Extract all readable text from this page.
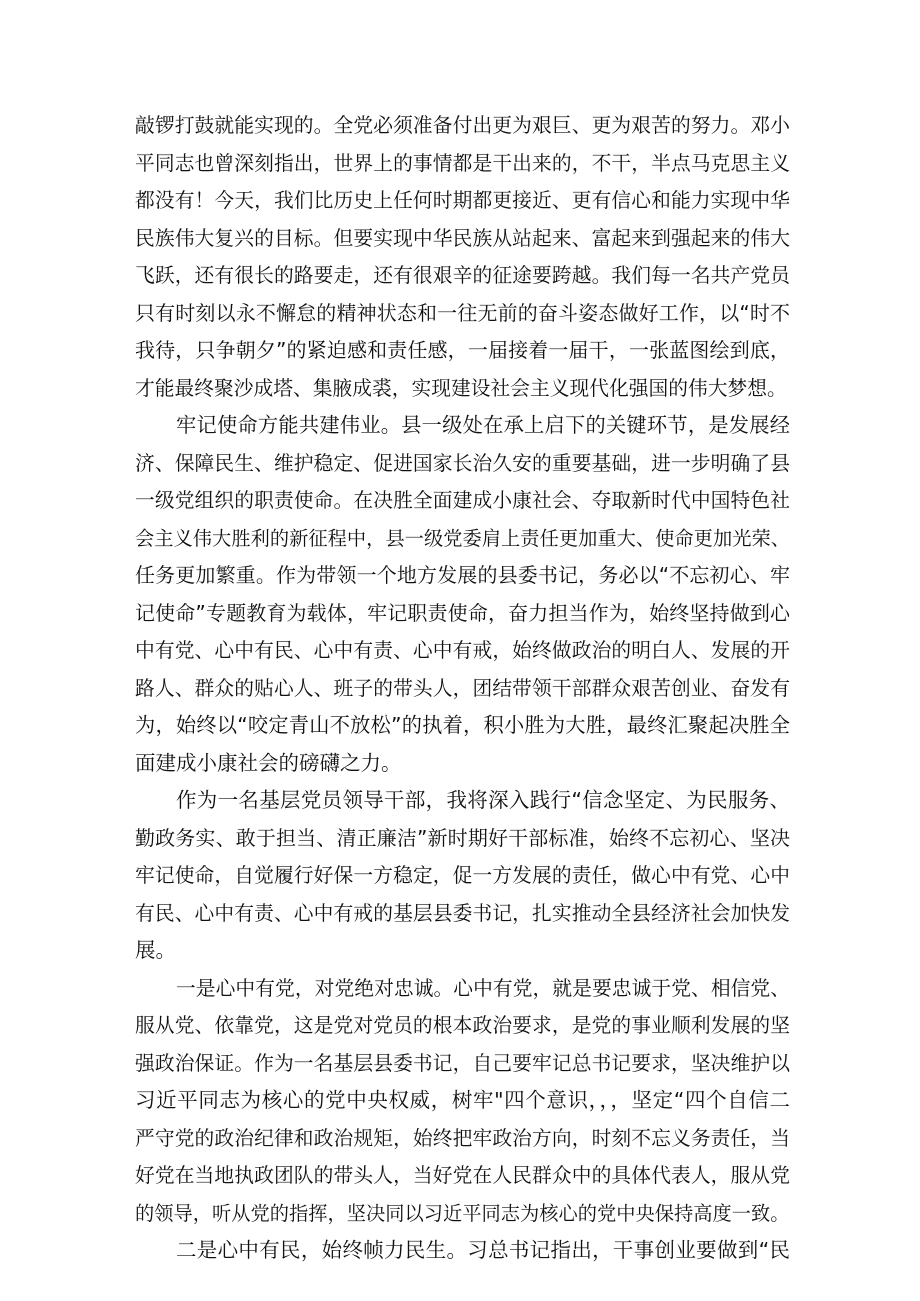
敲锣打鼓就能实现的。全党必须准备付出更为艰巨、更为艰苦的努力。邓小
平同志也曾深刻指出，世界上的事情都是干出来的，不干，半点马克思主义
都没有！今天，我们比历史上任何时期都更接近、更有信心和能力实现中华
民族伟大复兴的目标。但要实现中华民族从站起来、富起来到强起来的伟大
飞跃，还有很长的路要走，还有很艰辛的征途要跨越。我们每一名共产党员
只有时刻以永不懈怠的精神状态和一往无前的奋斗姿态做好工作，以“时不
我待，只争朝夕”的紧迫感和责任感，一届接着一届干，一张蓝图绘到底，
才能最终聚沙成塔、集腋成裘，实现建设社会主义现代化强国的伟大梦想。
牢记使命方能共建伟业。县一级处在承上启下的关键环节，是发展经
济、保障民生、维护稳定、促进国家长治久安的重要基础，进一步明确了县
一级党组织的职责使命。在决胜全面建成小康社会、夺取新时代中国特色社
会主义伟大胜利的新征程中，县一级党委肩上责任更加重大、使命更加光荣、
任务更加繁重。作为带领一个地方发展的县委书记，务必以“不忘初心、牢
记使命”专题教育为载体，牢记职责使命，奋力担当作为，始终坚持做到心
中有党、心中有民、心中有责、心中有戒，始终做政治的明白人、发展的开
路人、群众的贴心人、班子的带头人，团结带领干部群众艰苦创业、奋发有
为，始终以“咬定青山不放松”的执着，积小胜为大胜，最终汇聚起决胜全
面建成小康社会的磅礴之力。
作为一名基层党员领导干部，我将深入践行“信念坚定、为民服务、
勤政务实、敢于担当、清正廉洁”新时期好干部标准，始终不忘初心、坚决
牢记使命，自觉履行好保一方稳定，促一方发展的责任，做心中有党、心中
有民、心中有责、心中有戒的基层县委书记，扎实推动全县经济社会加快发
展。
一是心中有党，对党绝对忠诚。心中有党，就是要忠诚于党、相信党、
服从党、依靠党，这是党对党员的根本政治要求，是党的事业顺利发展的坚
强政治保证。作为一名基层县委书记，自己要牢记总书记要求，坚决维护以
习近平同志为核心的党中央权威，树牢"四个意识，，，坚定“四个自信二
严守党的政治纪律和政治规矩，始终把牢政治方向，时刻不忘义务责任，当
好党在当地执政团队的带头人，当好党在人民群众中的具体代表人，服从党
的领导，听从党的指挥，坚决同以习近平同志为核心的党中央保持高度一致。
二是心中有民，始终帧力民生。习总书记指出，干事创业要做到“民
